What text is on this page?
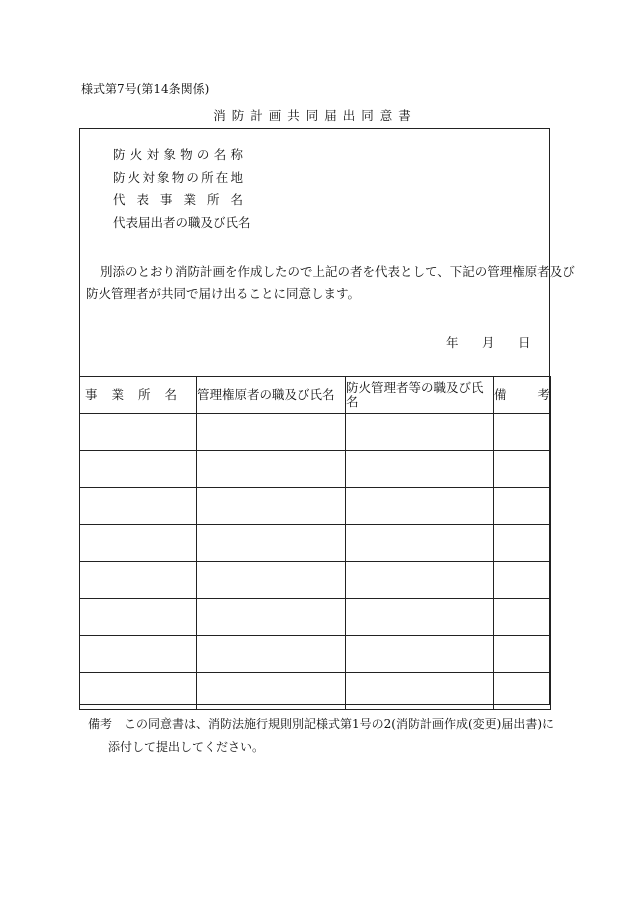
様式第7号(第14条関係)
消防計画共同届出同意書
防火対象物の名称
防火対象物の所在地
代表事業所名
代表届出者の職及び氏名
別添のとおり消防計画を作成したので上記の者を代表として、下記の管理権原者及び
防火管理者が共同で届け出ることに同意します。
年 月 日
事業所名	管理権原者の職及び氏名	防火管理者等の職及び氏名	備考

備考　この同意書は、消防法施行規則別記様式第1号の2(消防計画作成(変更)届出書)に
添付して提出してください。
